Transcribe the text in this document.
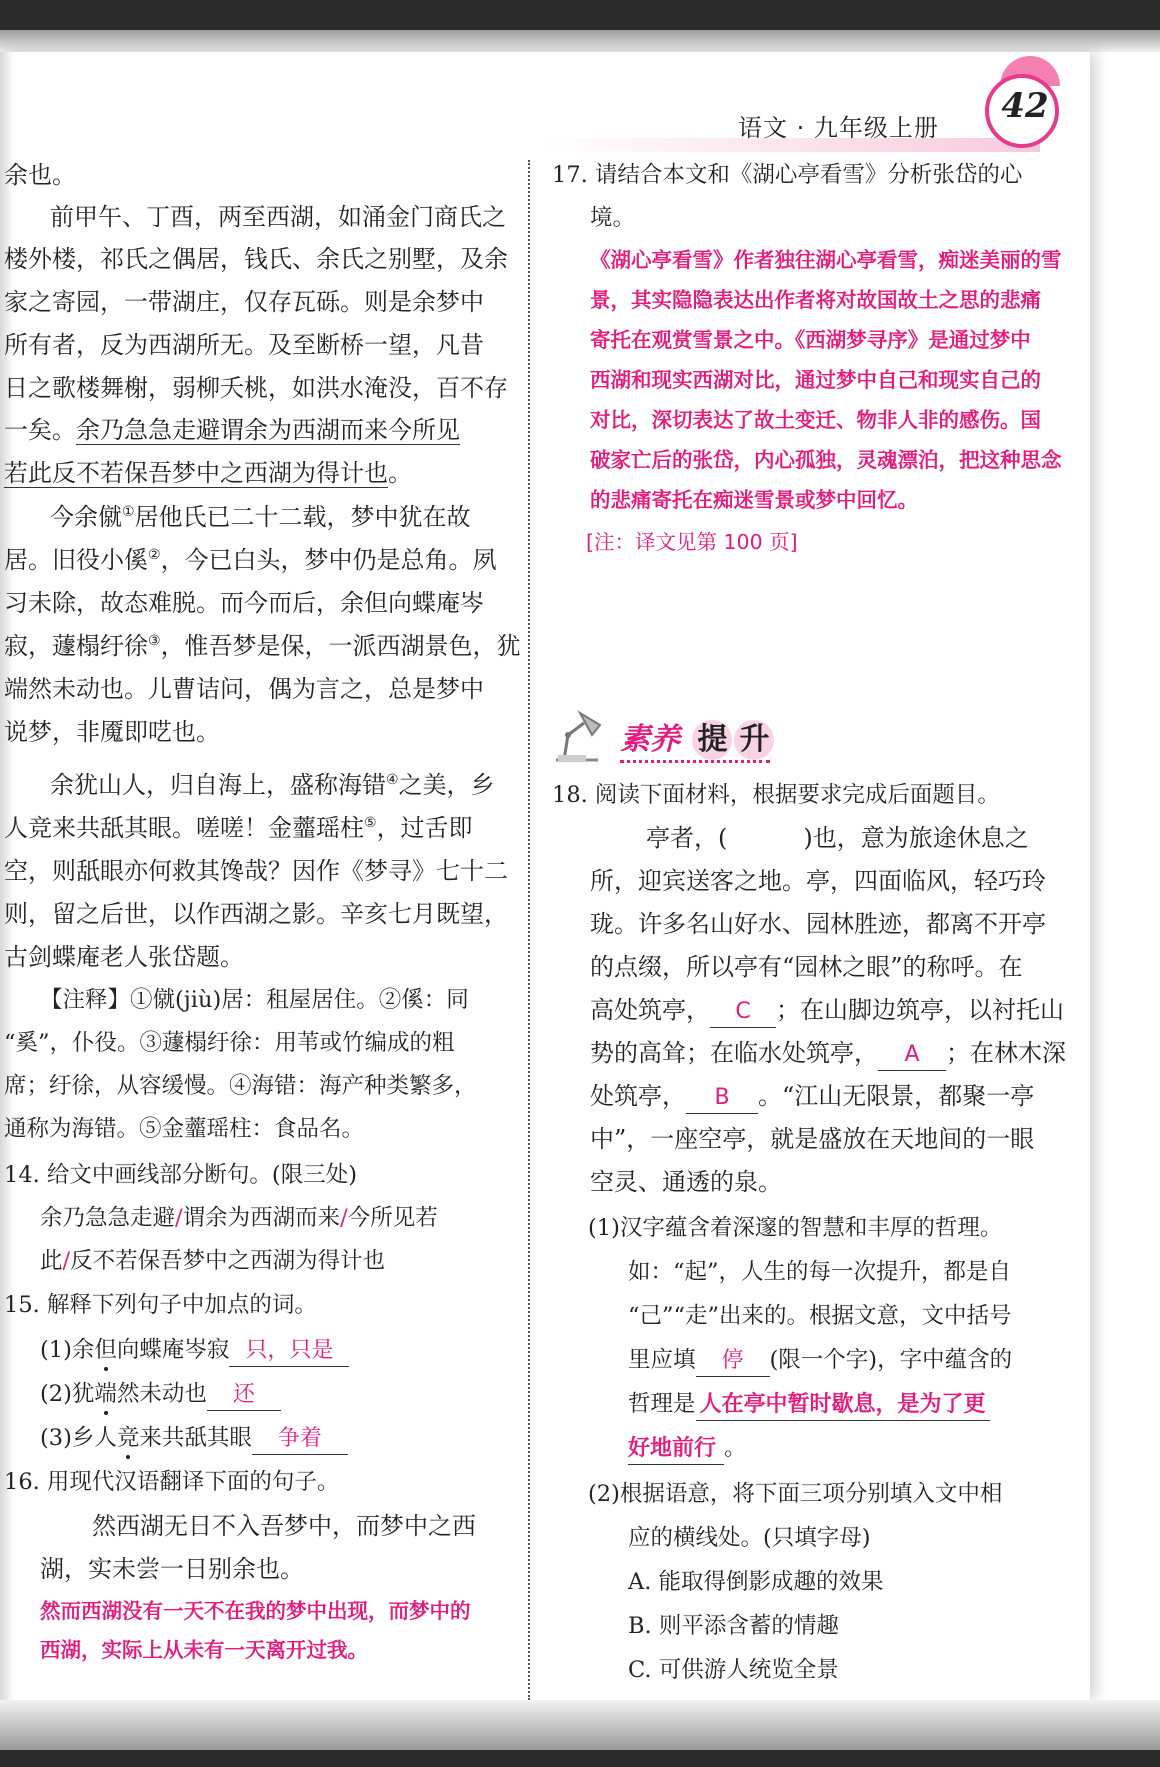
语文 · 九年级上册
42
余也。
前甲午、丁酉，两至西湖，如涌金门商氏之
楼外楼，祁氏之偶居，钱氏、余氏之别墅，及余
家之寄园，一带湖庄，仅存瓦砾。则是余梦中
所有者，反为西湖所无。及至断桥一望，凡昔
日之歌楼舞榭，弱柳夭桃，如洪水淹没，百不存
一矣。余乃急急走避谓余为西湖而来今所见
若此反不若保吾梦中之西湖为得计也。
今余僦①居他氏已二十二载，梦中犹在故
居。旧役小傒②，今已白头，梦中仍是总角。夙
习未除，故态难脱。而今而后，余但向蝶庵岑
寂，蘧榻纡徐③，惟吾梦是保，一派西湖景色，犹
端然未动也。儿曹诘问，偶为言之，总是梦中
说梦，非魇即呓也。
余犹山人，归自海上，盛称海错④之美，乡
人竞来共舐其眼。嗟嗟！金虀瑶柱⑤，过舌即
空，则舐眼亦何救其馋哉？因作《梦寻》七十二
则，留之后世，以作西湖之影。辛亥七月既望，
古剑蝶庵老人张岱题。
【注释】①僦(jiù)居：租屋居住。②傒：同
“奚”，仆役。③蘧榻纡徐：用苇或竹编成的粗
席；纡徐，从容缓慢。④海错：海产种类繁多，
通称为海错。⑤金虀瑶柱：食品名。
14. 给文中画线部分断句。(限三处)
余乃急急走避/谓余为西湖而来/今所见若
此/反不若保吾梦中之西湖为得计也
15. 解释下列句子中加点的词。
(1)余但向蝶庵岑寂 只，只是
(2)犹端然未动也 还
(3)乡人竞来共舐其眼 争着
16. 用现代汉语翻译下面的句子。
然西湖无日不入吾梦中，而梦中之西
湖，实未尝一日别余也。
然而西湖没有一天不在我的梦中出现，而梦中的
西湖，实际上从未有一天离开过我。
17. 请结合本文和《湖心亭看雪》分析张岱的心
境。
《湖心亭看雪》作者独往湖心亭看雪，痴迷美丽的雪
景，其实隐隐表达出作者将对故国故土之思的悲痛
寄托在观赏雪景之中。《西湖梦寻序》是通过梦中
西湖和现实西湖对比，通过梦中自己和现实自己的
对比，深切表达了故土变迁、物非人非的感伤。国
破家亡后的张岱，内心孤独，灵魂漂泊，把这种思念
的悲痛寄托在痴迷雪景或梦中回忆。
[注：译文见第 100 页]
素养 提 升
18. 阅读下面材料，根据要求完成后面题目。
亭者，(	)也，意为旅途休息之
所，迎宾送客之地。亭，四面临风，轻巧玲
珑。许多名山好水、园林胜迹，都离不开亭
的点缀，所以亭有“园林之眼”的称呼。在
高处筑亭， C ；在山脚边筑亭，以衬托山
势的高耸；在临水处筑亭， A ；在林木深
处筑亭， B 。“江山无限景，都聚一亭
中”，一座空亭，就是盛放在天地间的一眼
空灵、通透的泉。
(1)汉字蕴含着深邃的智慧和丰厚的哲理。
如：“起”，人生的每一次提升，都是自
“己”“走”出来的。根据文意，文中括号
里应填 停 (限一个字)，字中蕴含的
哲理是 人在亭中暂时歇息，是为了更
好地前行 。
(2)根据语意，将下面三项分别填入文中相
应的横线处。(只填字母)
A. 能取得倒影成趣的效果
B. 则平添含蓄的情趣
C. 可供游人统览全景
